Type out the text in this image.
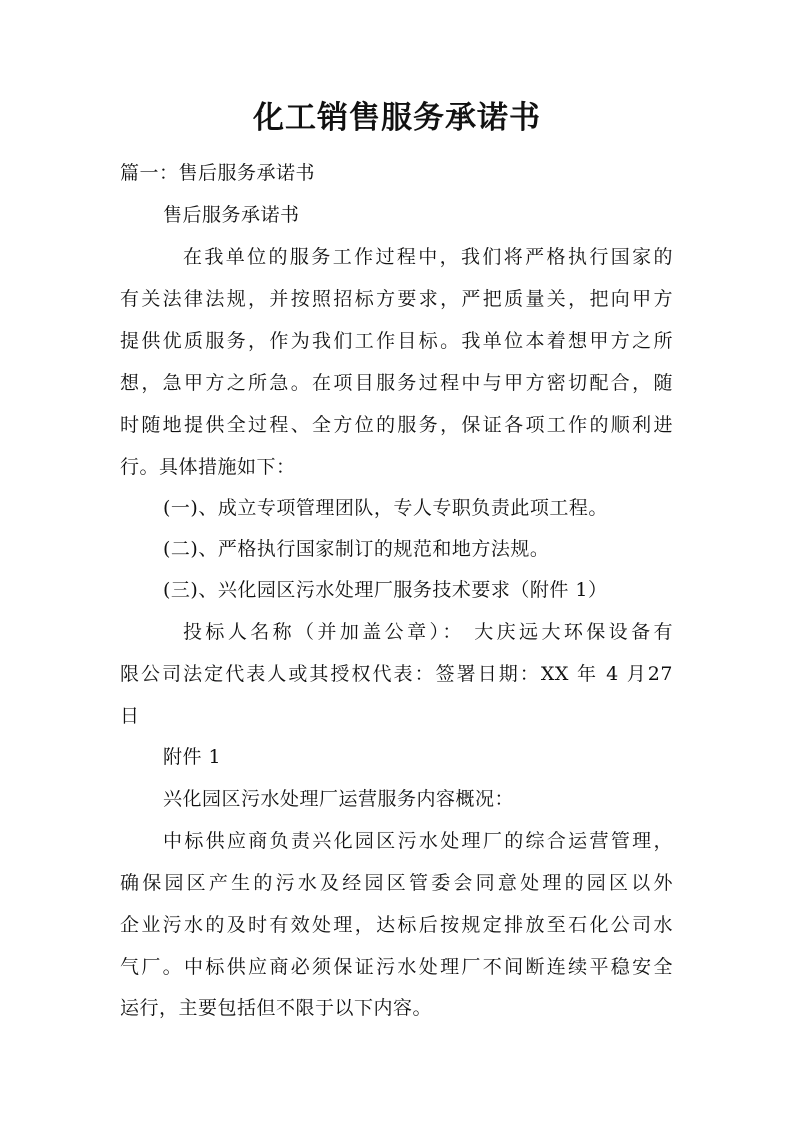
化工销售服务承诺书
篇一：售后服务承诺书
售后服务承诺书
在我单位的服务工作过程中，我们将严格执行国家的
有关法律法规，并按照招标方要求，严把质量关，把向甲方
提供优质服务，作为我们工作目标。我单位本着想甲方之所
想，急甲方之所急。在项目服务过程中与甲方密切配合，随
时随地提供全过程、全方位的服务，保证各项工作的顺利进
行。具体措施如下：
(一)、成立专项管理团队，专人专职负责此项工程。
(二)、严格执行国家制订的规范和地方法规。
(三)、兴化园区污水处理厂服务技术要求（附件 1）
投标人名称（并加盖公章）： 大庆远大环保设备有
限公司法定代表人或其授权代表：签署日期：XX 年 4 月27
日
附件 1
兴化园区污水处理厂运营服务内容概况：
中标供应商负责兴化园区污水处理厂的综合运营管理，
确保园区产生的污水及经园区管委会同意处理的园区以外
企业污水的及时有效处理，达标后按规定排放至石化公司水
气厂。中标供应商必须保证污水处理厂不间断连续平稳安全
运行，主要包括但不限于以下内容。
